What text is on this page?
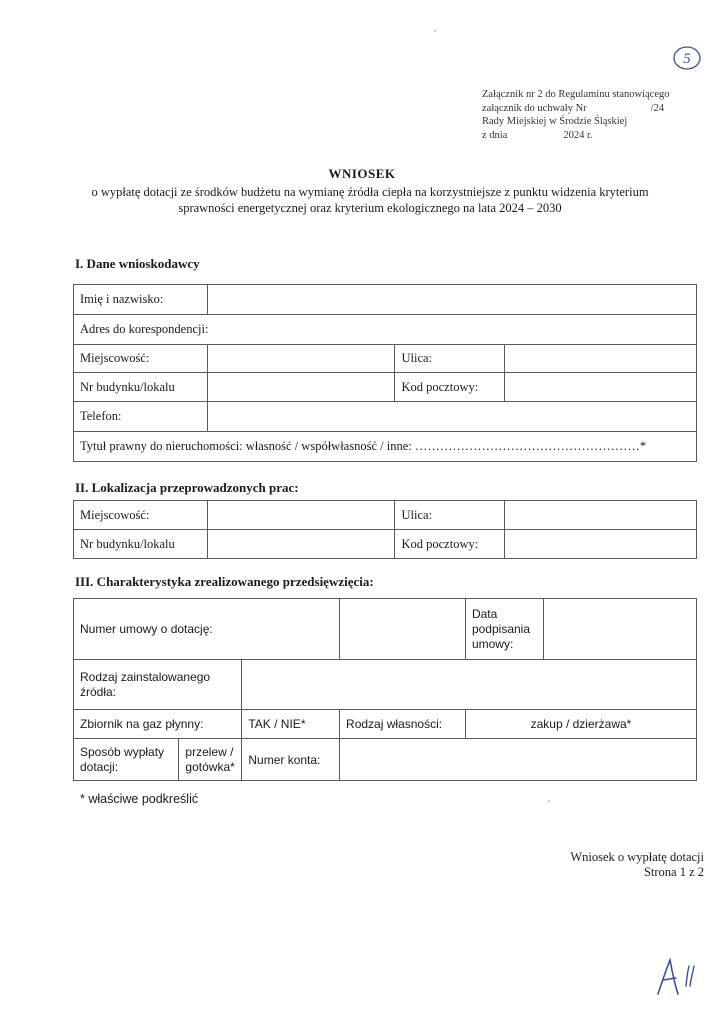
5
Załącznik nr 2 do Regulaminu stanowiącego
załącznik do uchwały Nr	/24
Rady Miejskiej w Środzie Śląskiej
z dnia	2024 r.
WNIOSEK
o wypłatę dotacji ze środków budżetu na wymianę źródła ciepła na korzystniejsze z punktu widzenia kryterium sprawności energetycznej oraz kryterium ekologicznego na lata 2024 – 2030
I. Dane wnioskodawcy
Imię i nazwisko:			
Adres do korespondencji:			
Miejscowość:		Ulica:	
Nr budynku/lokalu		Kod pocztowy:	
Telefon:			
Tytuł prawny do nieruchomości: własność / współwłasność / inne: ………………………………………………*			
II. Lokalizacja przeprowadzonych prac:
Miejscowość:		Ulica:	
Nr budynku/lokalu		Kod pocztowy:	
III. Charakterystyka zrealizowanego przedsięwzięcia:
Numer umowy o dotację:				Data podpisania umowy:	
Rodzaj zainstalowanego źródła:					
Zbiornik na gaz płynny:		TAK / NIE*	Rodzaj własności:	zakup / dzierżawa*	
Sposób wypłaty dotacji:	przelew / gotówka*	Numer konta:			
* właściwe podkreślić
Wniosek o wypłatę dotacji
Strona 1 z 2
